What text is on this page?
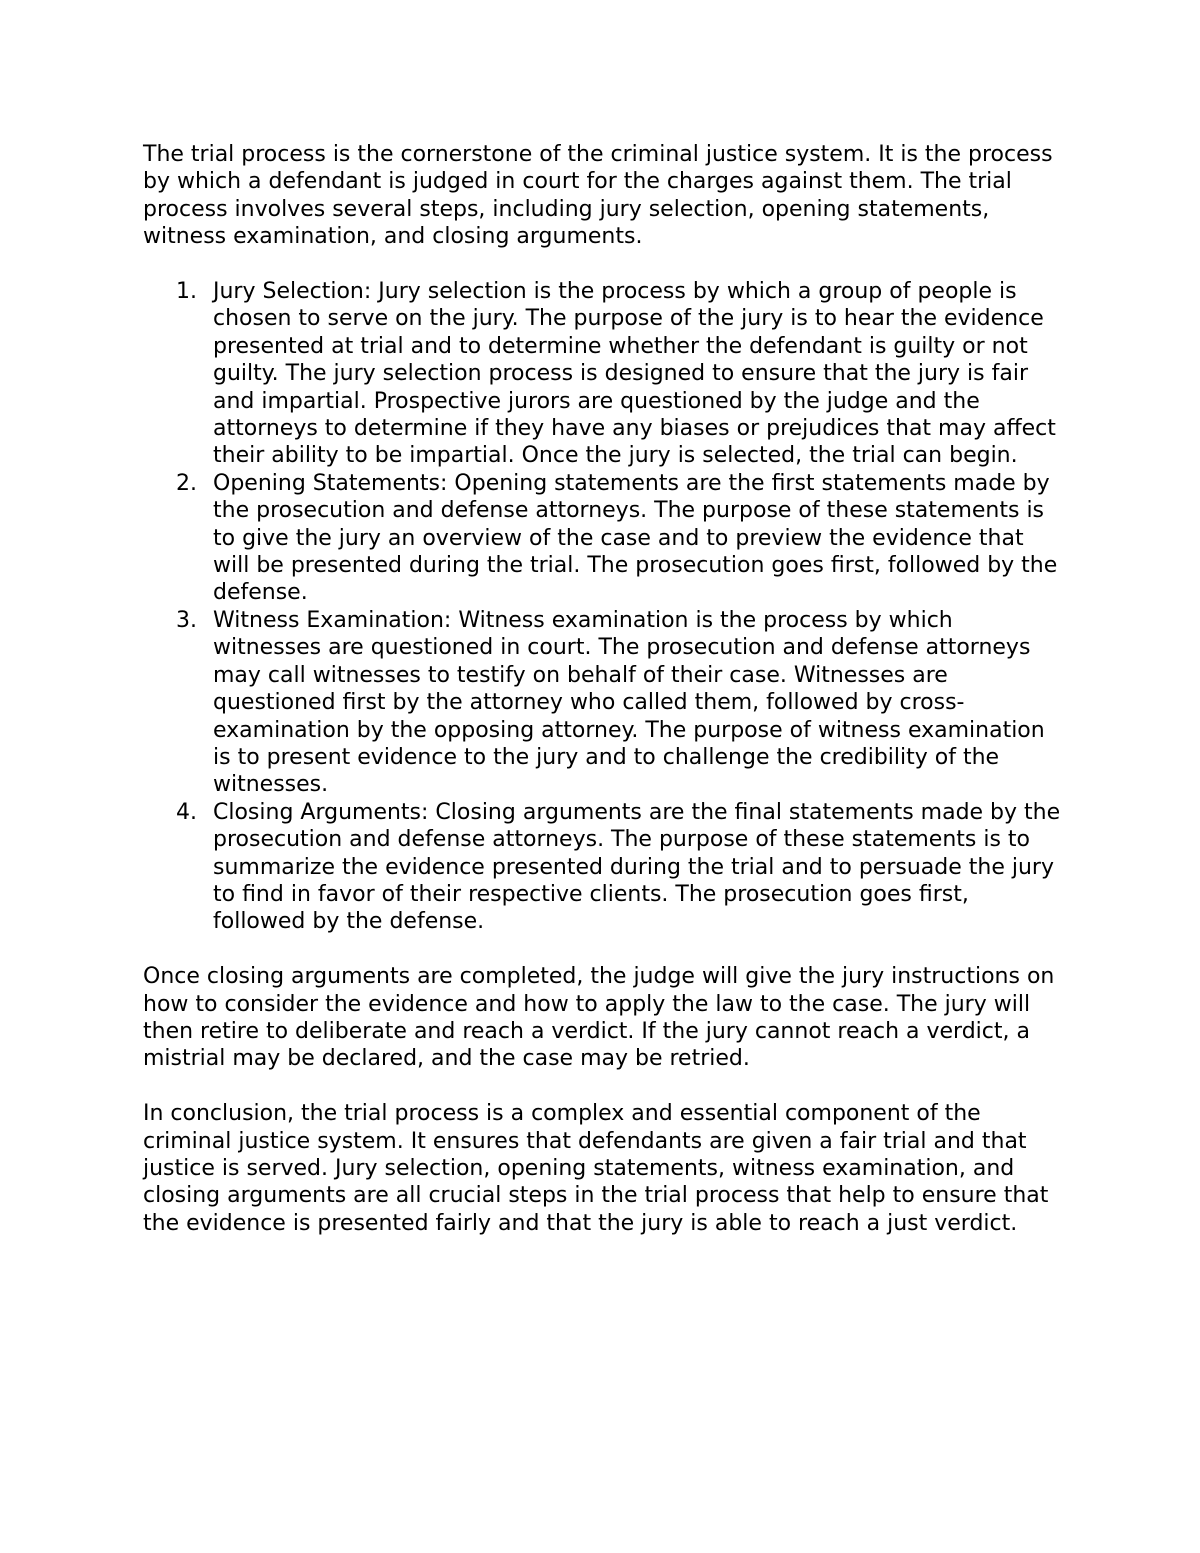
The trial process is the cornerstone of the criminal justice system. It is the process by which a defendant is judged in court for the charges against them. The trial process involves several steps, including jury selection, opening statements, witness examination, and closing arguments.

1. Jury Selection: Jury selection is the process by which a group of people is chosen to serve on the jury. The purpose of the jury is to hear the evidence presented at trial and to determine whether the defendant is guilty or not guilty. The jury selection process is designed to ensure that the jury is fair and impartial. Prospective jurors are questioned by the judge and the attorneys to determine if they have any biases or prejudices that may affect their ability to be impartial. Once the jury is selected, the trial can begin.
2. Opening Statements: Opening statements are the first statements made by the prosecution and defense attorneys. The purpose of these statements is to give the jury an overview of the case and to preview the evidence that will be presented during the trial. The prosecution goes first, followed by the defense.
3. Witness Examination: Witness examination is the process by which witnesses are questioned in court. The prosecution and defense attorneys may call witnesses to testify on behalf of their case. Witnesses are questioned first by the attorney who called them, followed by cross-examination by the opposing attorney. The purpose of witness examination is to present evidence to the jury and to challenge the credibility of the witnesses.
4. Closing Arguments: Closing arguments are the final statements made by the prosecution and defense attorneys. The purpose of these statements is to summarize the evidence presented during the trial and to persuade the jury to find in favor of their respective clients. The prosecution goes first, followed by the defense.

Once closing arguments are completed, the judge will give the jury instructions on how to consider the evidence and how to apply the law to the case. The jury will then retire to deliberate and reach a verdict. If the jury cannot reach a verdict, a mistrial may be declared, and the case may be retried.

In conclusion, the trial process is a complex and essential component of the criminal justice system. It ensures that defendants are given a fair trial and that justice is served. Jury selection, opening statements, witness examination, and closing arguments are all crucial steps in the trial process that help to ensure that the evidence is presented fairly and that the jury is able to reach a just verdict.
